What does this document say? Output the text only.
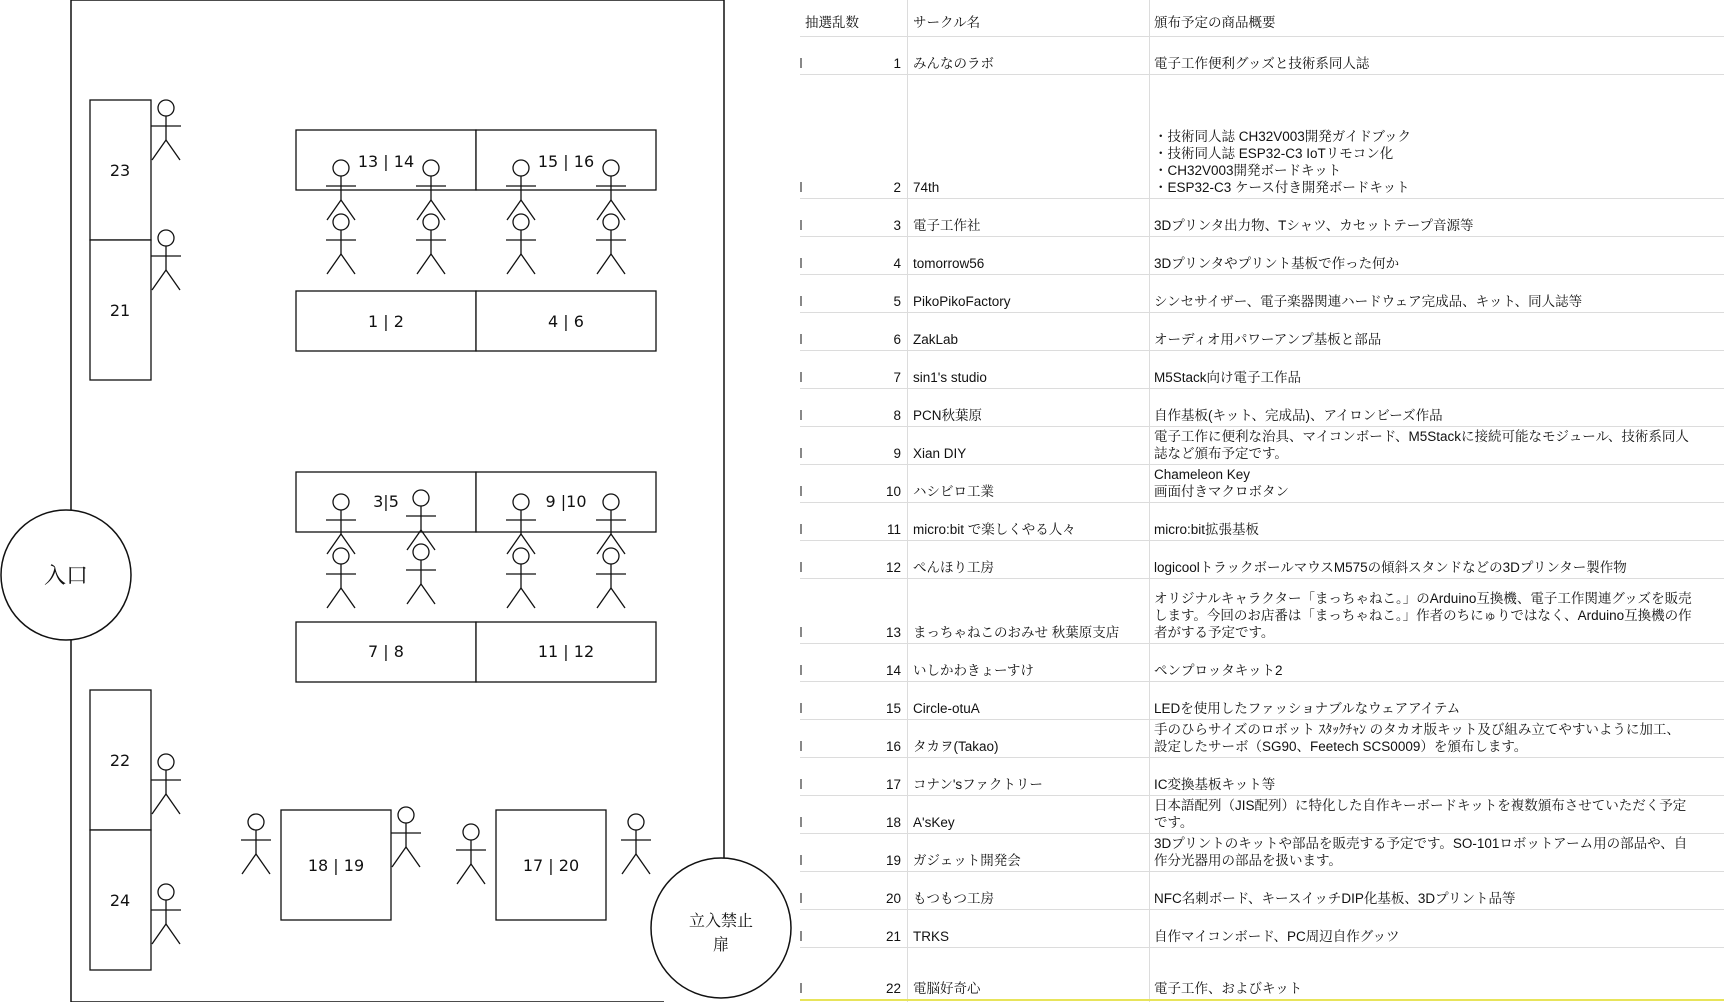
入口
立入禁止
扉
13 | 14	15 | 16
1 | 2	4 | 6
3|5	9 |10
7 | 8	11 | 12
23
21
22
24
18 | 19	17 | 20
抽選乱数	サークル名	頒布予定の商品概要
1 みんなのラボ	電子工作便利グッズと技術系同人誌
2 74th
・技術同人誌 CH32V003開発ガイドブック
・技術同人誌 ESP32-C3 IoTリモコン化
・CH32V003開発ボードキット
・ESP32-C3 ケース付き開発ボードキット
3 電子工作社	3Dプリンタ出力物、Tシャツ、カセットテープ音源等
4 tomorrow56	3Dプリンタやプリント基板で作った何か
5 PikoPikoFactory	シンセサイザー、電子楽器関連ハードウェア完成品、キット、同人誌等
6 ZakLab	オーディオ用パワーアンプ基板と部品
7 sin1's studio	M5Stack向け電子工作品
8 PCN秋葉原	自作基板(キット、完成品)、アイロンビーズ作品
9 Xian DIY
電子工作に便利な治具、マイコンボード、M5Stackに接続可能なモジュール、技術系同人
誌など頒布予定です。
10 ハシビロ工業
Chameleon Key
画面付きマクロボタン
11 micro:bit で楽しくやる人々	micro:bit拡張基板
12 ぺんほり工房	logicoolトラックボールマウスM575の傾斜スタンドなどの3Dプリンター製作物
13 まっちゃねこのおみせ 秋葉原支店
オリジナルキャラクター「まっちゃねこ。」のArduino互換機、電子工作関連グッズを販売
します。今回のお店番は「まっちゃねこ。」作者のちにゅりではなく、Arduino互換機の作
者がする予定です。
14 いしかわきょーすけ	ペンプロッタキット2
15 Circle-otuA	LEDを使用したファッショナブルなウェアアイテム
16 タカヲ(Takao)
手のひらサイズのロボット ｽﾀｯｸﾁｬﾝ のタカオ版キット及び組み立てやすいように加工、
設定したサーボ（SG90、Feetech SCS0009）を頒布します。
17 コナン'sファクトリー	IC変換基板キット等
18 A'sKey
日本語配列（JIS配列）に特化した自作キーボードキットを複数頒布させていただく予定
です。
19 ガジェット開発会
3Dプリントのキットや部品を販売する予定です。SO-101ロボットアーム用の部品や、自
作分光器用の部品を扱います。
20 もつもつ工房	NFC名刺ボード、キースイッチDIP化基板、3Dプリント品等
21 TRKS	自作マイコンボード、PC周辺自作グッツ
22 電脳好奇心	電子工作、およびキット
